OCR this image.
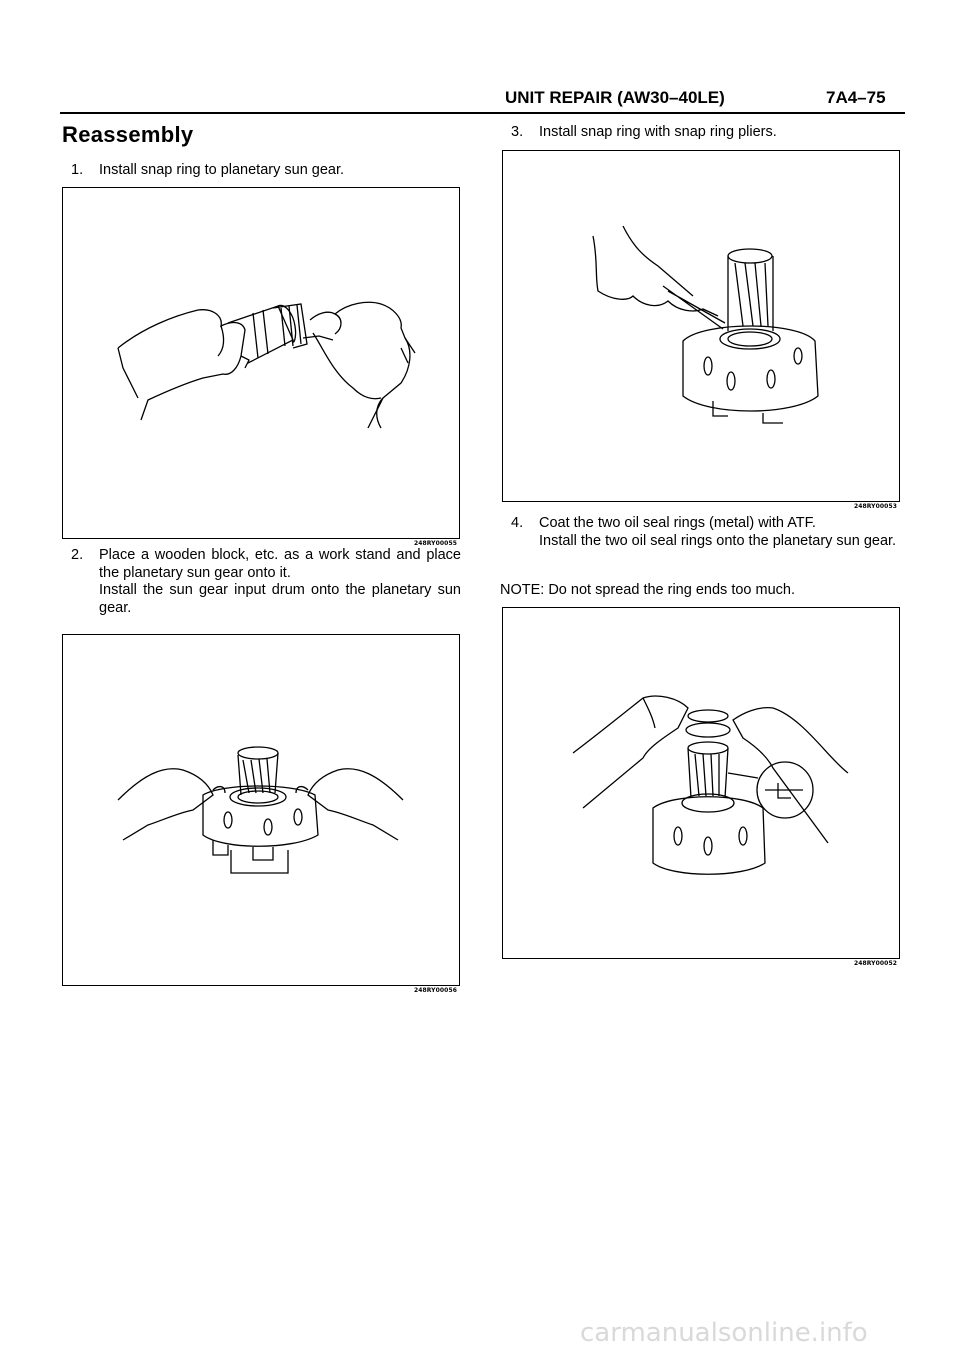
UNIT REPAIR (AW30–40LE)	7A4–75
Reassembly
1. Install snap ring to planetary sun gear.

248RY00055
2. Place a wooden block, etc. as a work stand and place the planetary sun gear onto it.

Install the sun gear input drum onto the planetary sun gear.

248RY00056
3. Install snap ring with snap ring pliers.

248RY00053
4. Coat the two oil seal rings (metal) with ATF.

Install the two oil seal rings onto the planetary sun gear.

NOTE: Do not spread the ring ends too much.
248RY00052
carmanualsonline.info
